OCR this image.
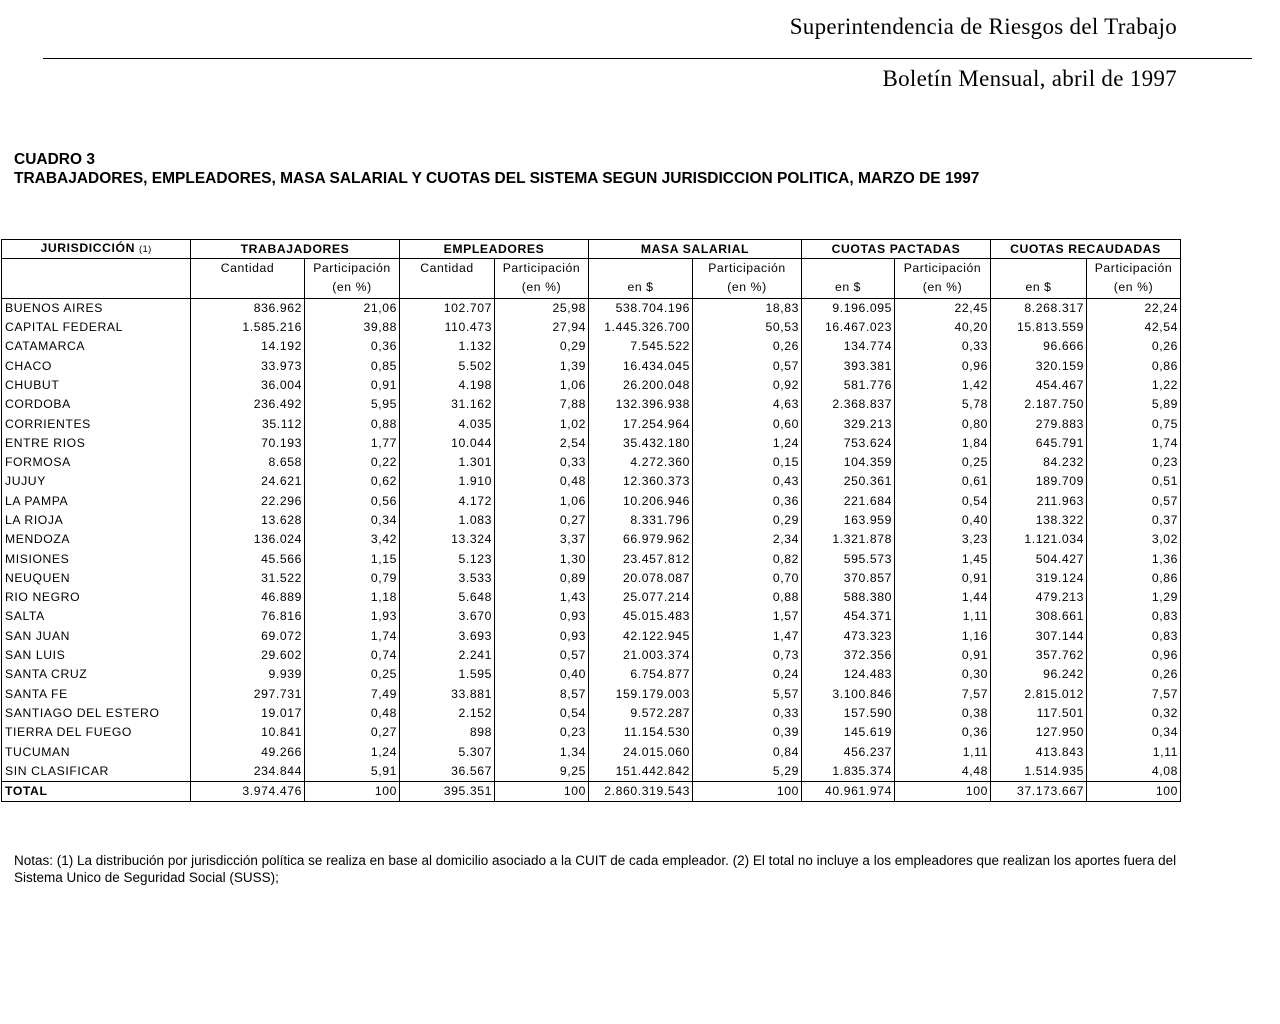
Superintendencia de Riesgos del Trabajo
Boletín Mensual, abril de 1997
CUADRO 3
TRABAJADORES, EMPLEADORES, MASA SALARIAL Y CUOTAS DEL SISTEMA SEGUN JURISDICCION POLITICA, MARZO DE 1997
JURISDICCIÓN (1)	TRABAJADORES		EMPLEADORES		MASA SALARIAL		CUOTAS PACTADAS		CUOTAS RECAUDADAS	
	Cantidad	Participación	Cantidad	Participación		Participación		Participación		Participación
		(en %)		(en %)	en $	(en %)	en $	(en %)	en $	(en %)
BUENOS AIRES	836.962	21,06	102.707	25,98	538.704.196	18,83	9.196.095	22,45	8.268.317	22,24
CAPITAL FEDERAL	1.585.216	39,88	110.473	27,94	1.445.326.700	50,53	16.467.023	40,20	15.813.559	42,54
CATAMARCA	14.192	0,36	1.132	0,29	7.545.522	0,26	134.774	0,33	96.666	0,26
CHACO	33.973	0,85	5.502	1,39	16.434.045	0,57	393.381	0,96	320.159	0,86
CHUBUT	36.004	0,91	4.198	1,06	26.200.048	0,92	581.776	1,42	454.467	1,22
CORDOBA	236.492	5,95	31.162	7,88	132.396.938	4,63	2.368.837	5,78	2.187.750	5,89
CORRIENTES	35.112	0,88	4.035	1,02	17.254.964	0,60	329.213	0,80	279.883	0,75
ENTRE RIOS	70.193	1,77	10.044	2,54	35.432.180	1,24	753.624	1,84	645.791	1,74
FORMOSA	8.658	0,22	1.301	0,33	4.272.360	0,15	104.359	0,25	84.232	0,23
JUJUY	24.621	0,62	1.910	0,48	12.360.373	0,43	250.361	0,61	189.709	0,51
LA PAMPA	22.296	0,56	4.172	1,06	10.206.946	0,36	221.684	0,54	211.963	0,57
LA RIOJA	13.628	0,34	1.083	0,27	8.331.796	0,29	163.959	0,40	138.322	0,37
MENDOZA	136.024	3,42	13.324	3,37	66.979.962	2,34	1.321.878	3,23	1.121.034	3,02
MISIONES	45.566	1,15	5.123	1,30	23.457.812	0,82	595.573	1,45	504.427	1,36
NEUQUEN	31.522	0,79	3.533	0,89	20.078.087	0,70	370.857	0,91	319.124	0,86
RIO NEGRO	46.889	1,18	5.648	1,43	25.077.214	0,88	588.380	1,44	479.213	1,29
SALTA	76.816	1,93	3.670	0,93	45.015.483	1,57	454.371	1,11	308.661	0,83
SAN JUAN	69.072	1,74	3.693	0,93	42.122.945	1,47	473.323	1,16	307.144	0,83
SAN LUIS	29.602	0,74	2.241	0,57	21.003.374	0,73	372.356	0,91	357.762	0,96
SANTA CRUZ	9.939	0,25	1.595	0,40	6.754.877	0,24	124.483	0,30	96.242	0,26
SANTA FE	297.731	7,49	33.881	8,57	159.179.003	5,57	3.100.846	7,57	2.815.012	7,57
SANTIAGO DEL ESTERO	19.017	0,48	2.152	0,54	9.572.287	0,33	157.590	0,38	117.501	0,32
TIERRA DEL FUEGO	10.841	0,27	898	0,23	11.154.530	0,39	145.619	0,36	127.950	0,34
TUCUMAN	49.266	1,24	5.307	1,34	24.015.060	0,84	456.237	1,11	413.843	1,11
SIN CLASIFICAR	234.844	5,91	36.567	9,25	151.442.842	5,29	1.835.374	4,48	1.514.935	4,08
TOTAL	3.974.476	100	395.351	100	2.860.319.543	100	40.961.974	100	37.173.667	100
Notas: (1) La distribución por jurisdicción política se realiza en base al domicilio asociado a la CUIT de cada empleador. (2) El total no incluye a los empleadores que realizan los aportes fuera del Sistema Unico de Seguridad Social (SUSS);
